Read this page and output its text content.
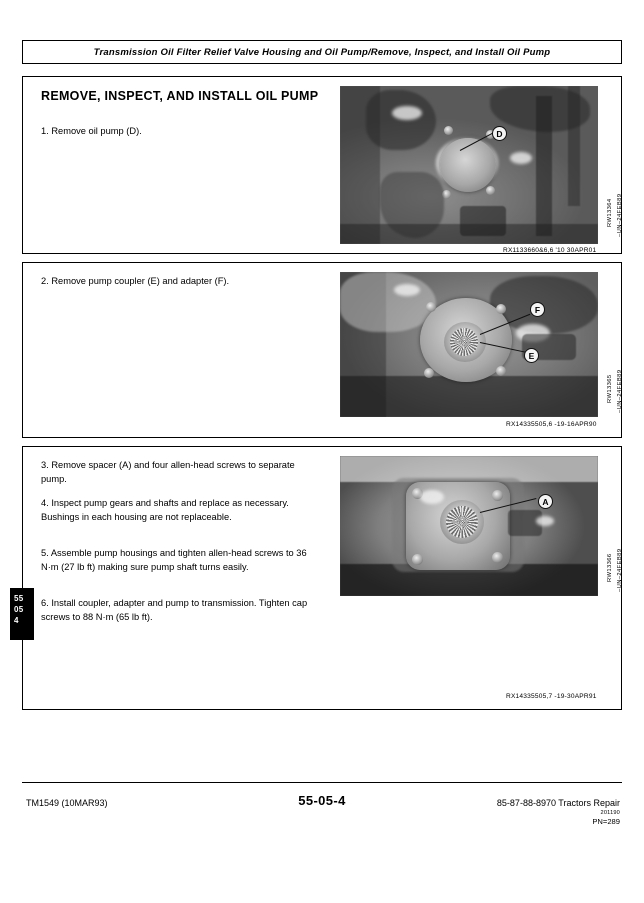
Transmission Oil Filter Relief Valve Housing and Oil Pump/Remove, Inspect, and Install Oil Pump
REMOVE, INSPECT, AND INSTALL OIL PUMP
1. Remove oil pump (D).	D
–UN–24FEB89
RW13364
RX1133660&6,6 '10 30APR01
2. Remove pump coupler (E) and adapter (F).
F
E
–UN–24FEB89
RW13365
RX14335505,6 -19-16APR90
3. Remove spacer (A) and four allen-head screws to separate pump.
4. Inspect pump gears and shafts and replace as necessary. Bushings in each housing are not replaceable.
5. Assemble pump housings and tighten allen-head screws to 36 N·m (27 lb ft) making sure pump shaft turns easily.
6. Install coupler, adapter and pump to transmission. Tighten cap screws to 88 N·m (65 lb ft).
A
–UN–24FEB89
RW13366
RX14335505,7 -19-30APR91
55
05
4
TM1549 (10MAR93)	55-05-4	85-87-88-8970 Tractors Repair
201190
PN=289
